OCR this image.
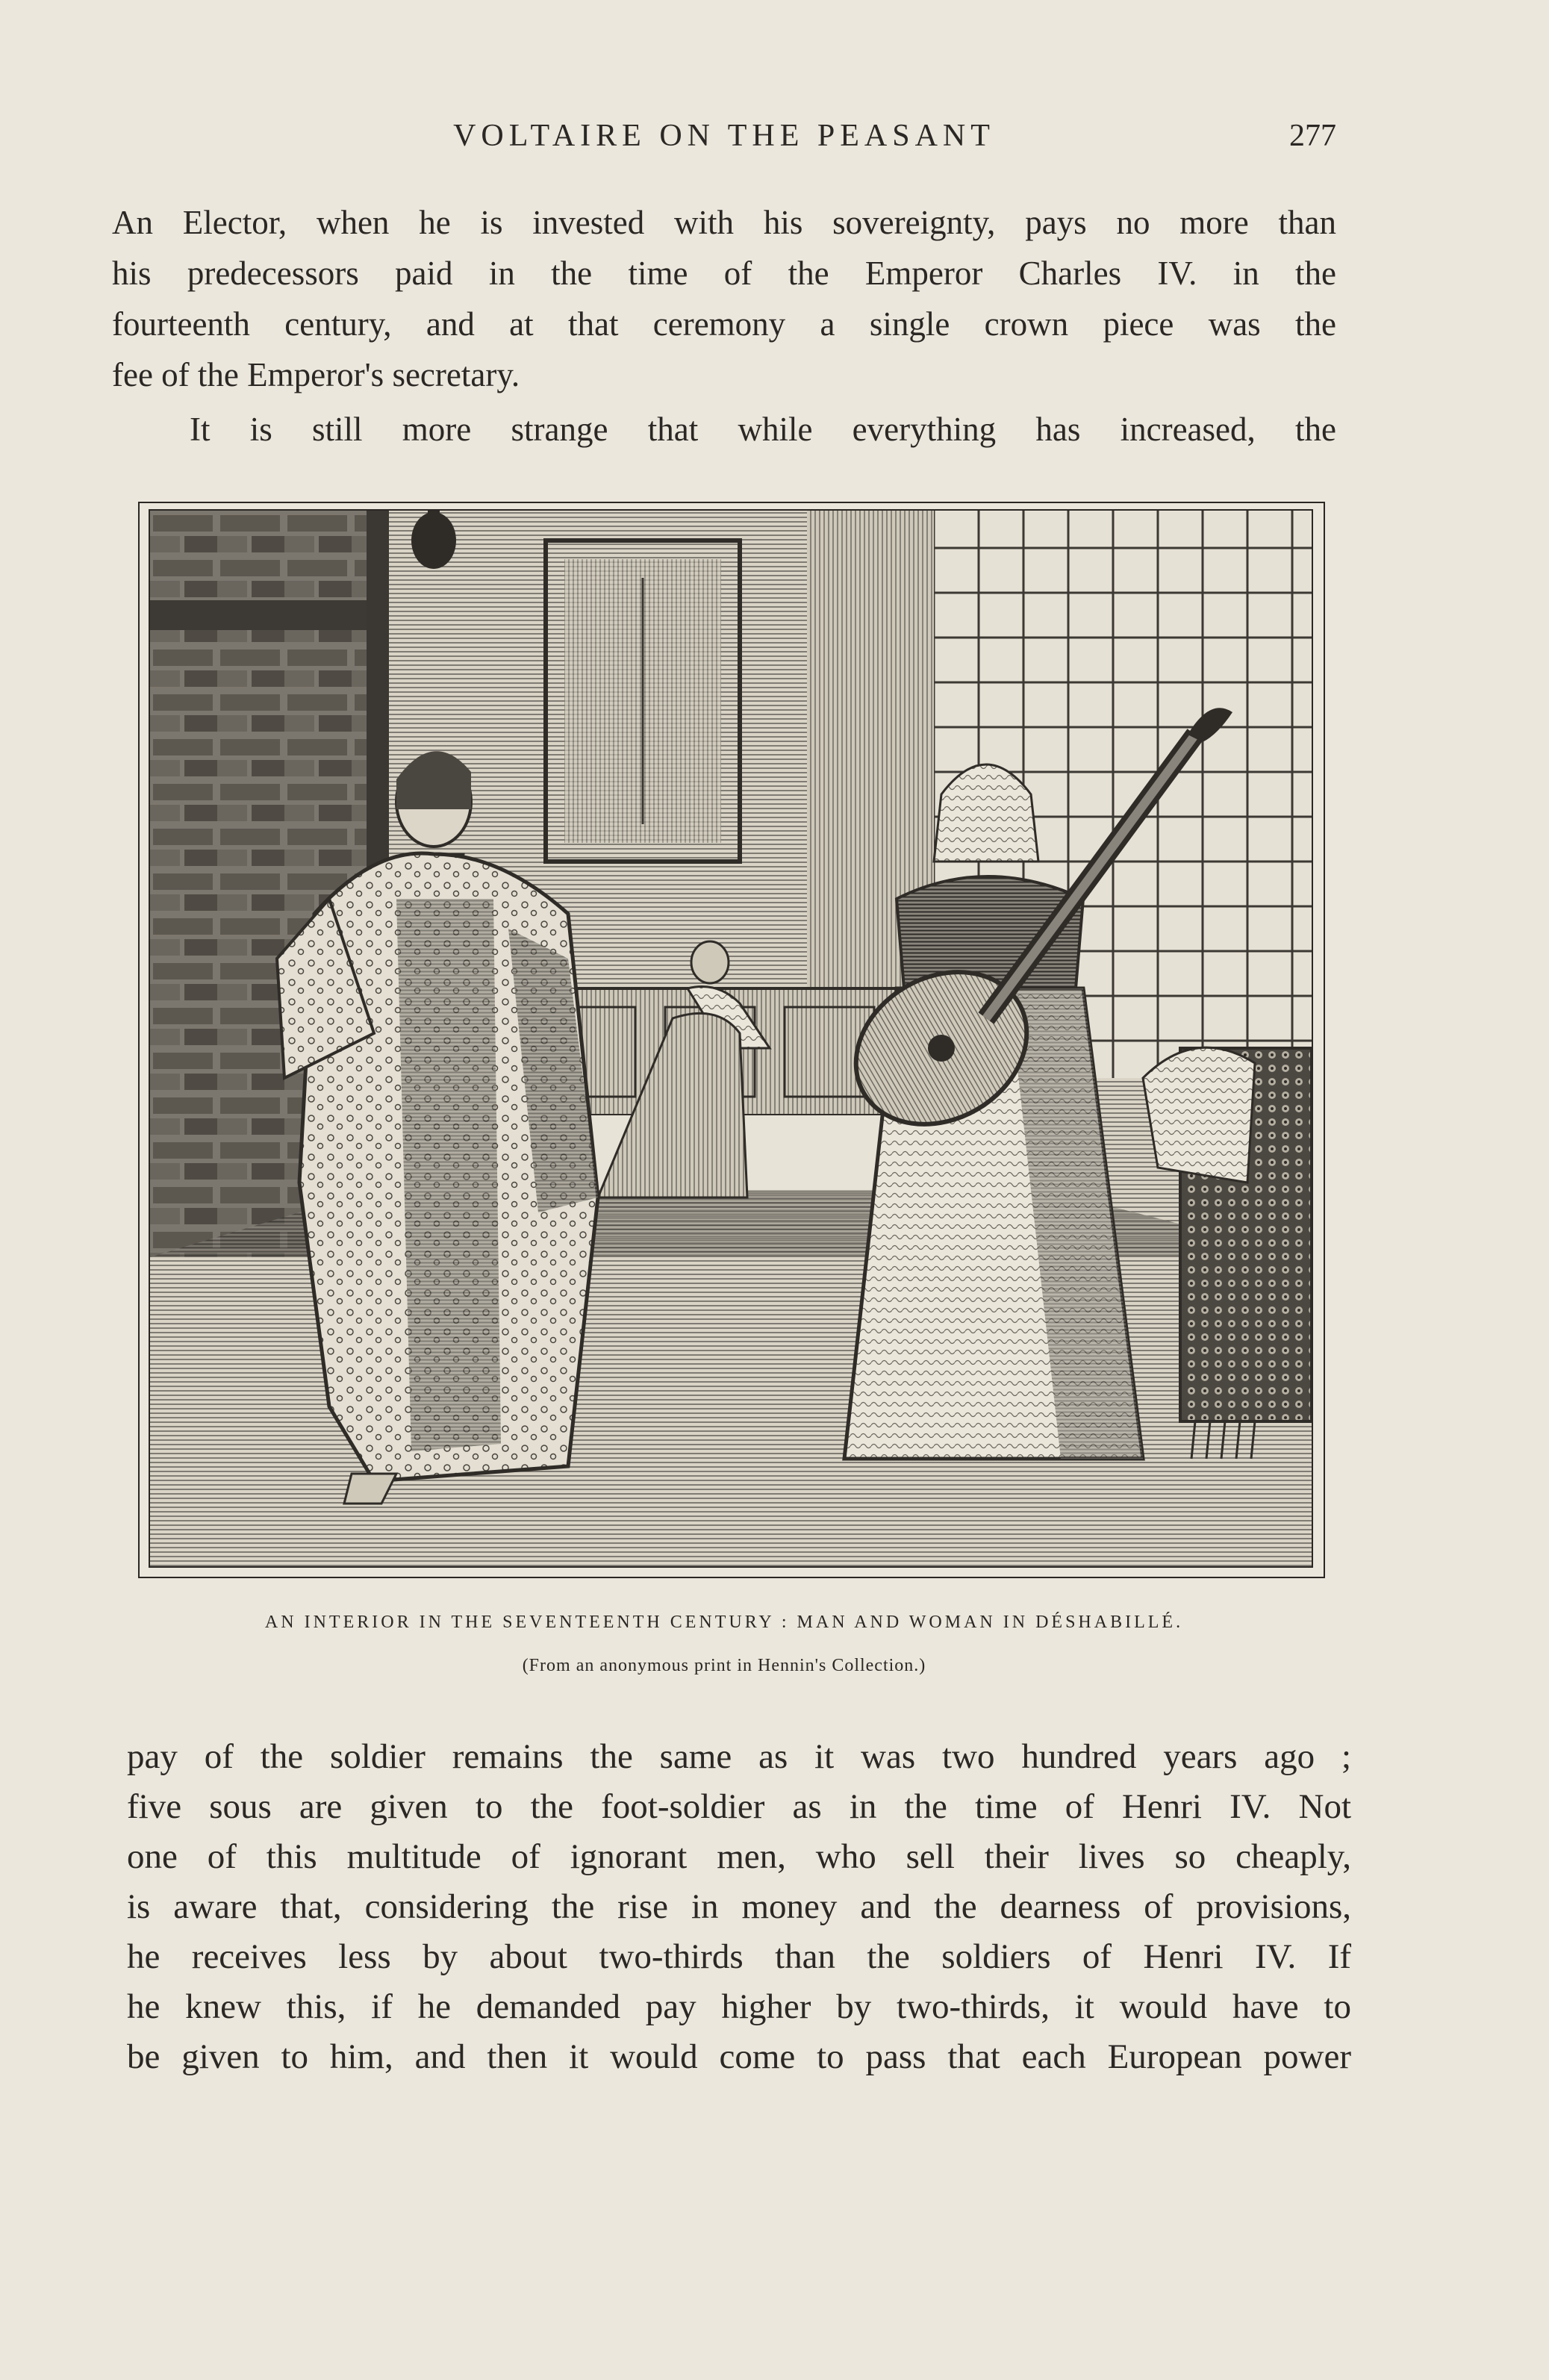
VOLTAIRE ON THE PEASANT	277
An Elector, when he is invested with his sovereignty, pays no more than
his predecessors paid in the time of the Emperor Charles IV. in the
fourteenth century, and at that ceremony a single crown piece was the
fee of the Emperor's secretary.
It is still more strange that while everything has increased, the
AN INTERIOR IN THE SEVENTEENTH CENTURY : MAN AND WOMAN IN DÉSHABILLÉ.
(From an anonymous print in Hennin's Collection.)
pay of the soldier remains the same as it was two hundred years ago ;
five sous are given to the foot-soldier as in the time of Henri IV. Not
one of this multitude of ignorant men, who sell their lives so cheaply,
is aware that, considering the rise in money and the dearness of provisions,
he receives less by about two-thirds than the soldiers of Henri IV. If
he knew this, if he demanded pay higher by two-thirds, it would have to
be given to him, and then it would come to pass that each European power
